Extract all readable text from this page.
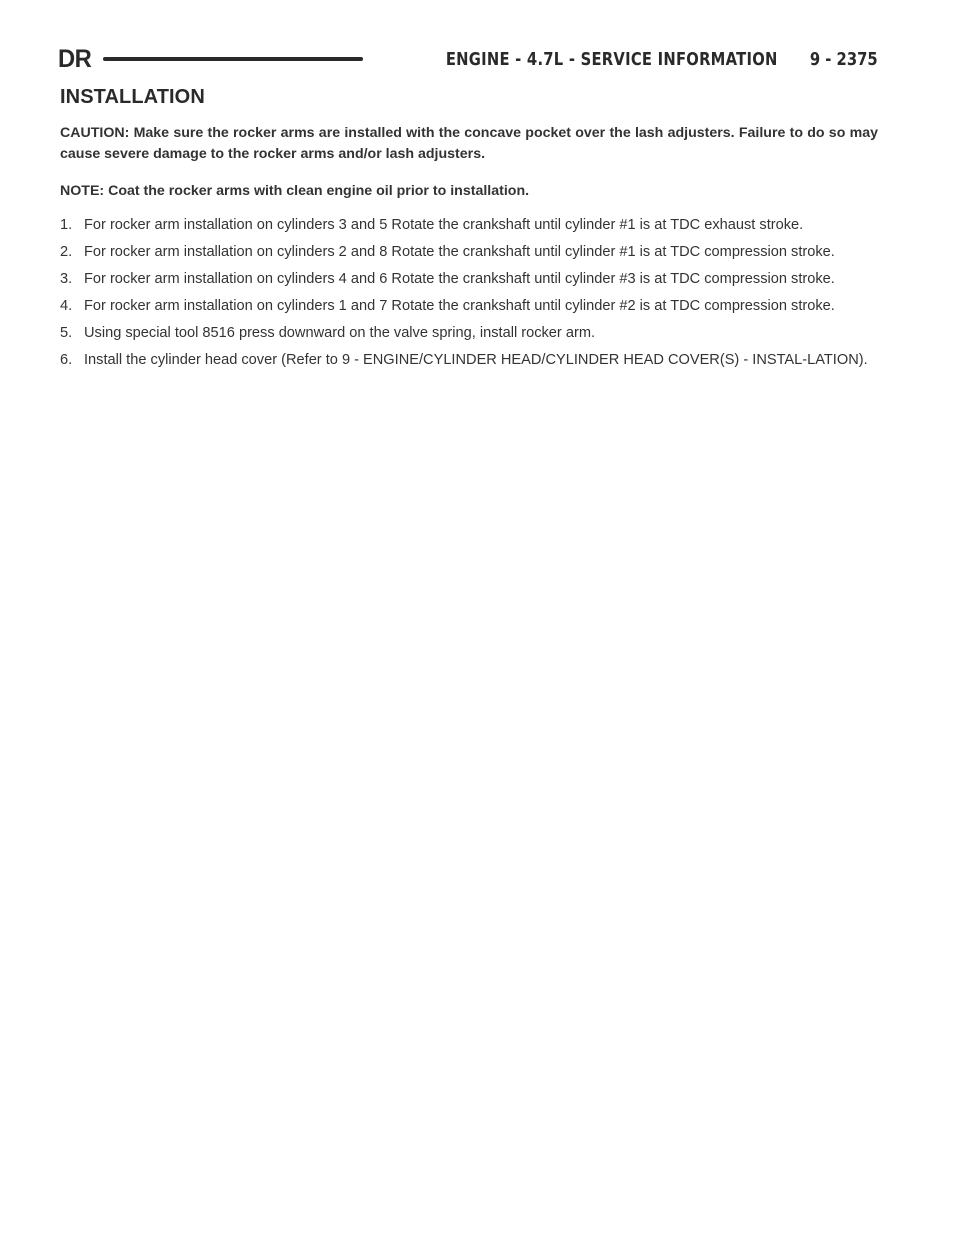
DR	ENGINE - 4.7L - SERVICE INFORMATION 9 - 2375
INSTALLATION

CAUTION: Make sure the rocker arms are installed with the concave pocket over the lash adjusters. Failure to do so may cause severe damage to the rocker arms and/or lash adjusters.

NOTE: Coat the rocker arms with clean engine oil prior to installation.

1. For rocker arm installation on cylinders 3 and 5 Rotate the crankshaft until cylinder #1 is at TDC exhaust stroke.
2. For rocker arm installation on cylinders 2 and 8 Rotate the crankshaft until cylinder #1 is at TDC compression stroke.
3. For rocker arm installation on cylinders 4 and 6 Rotate the crankshaft until cylinder #3 is at TDC compression stroke.
4. For rocker arm installation on cylinders 1 and 7 Rotate the crankshaft until cylinder #2 is at TDC compression stroke.
5. Using special tool 8516 press downward on the valve spring, install rocker arm.
6. Install the cylinder head cover (Refer to 9 - ENGINE/CYLINDER HEAD/CYLINDER HEAD COVER(S) - INSTAL-LATION).
